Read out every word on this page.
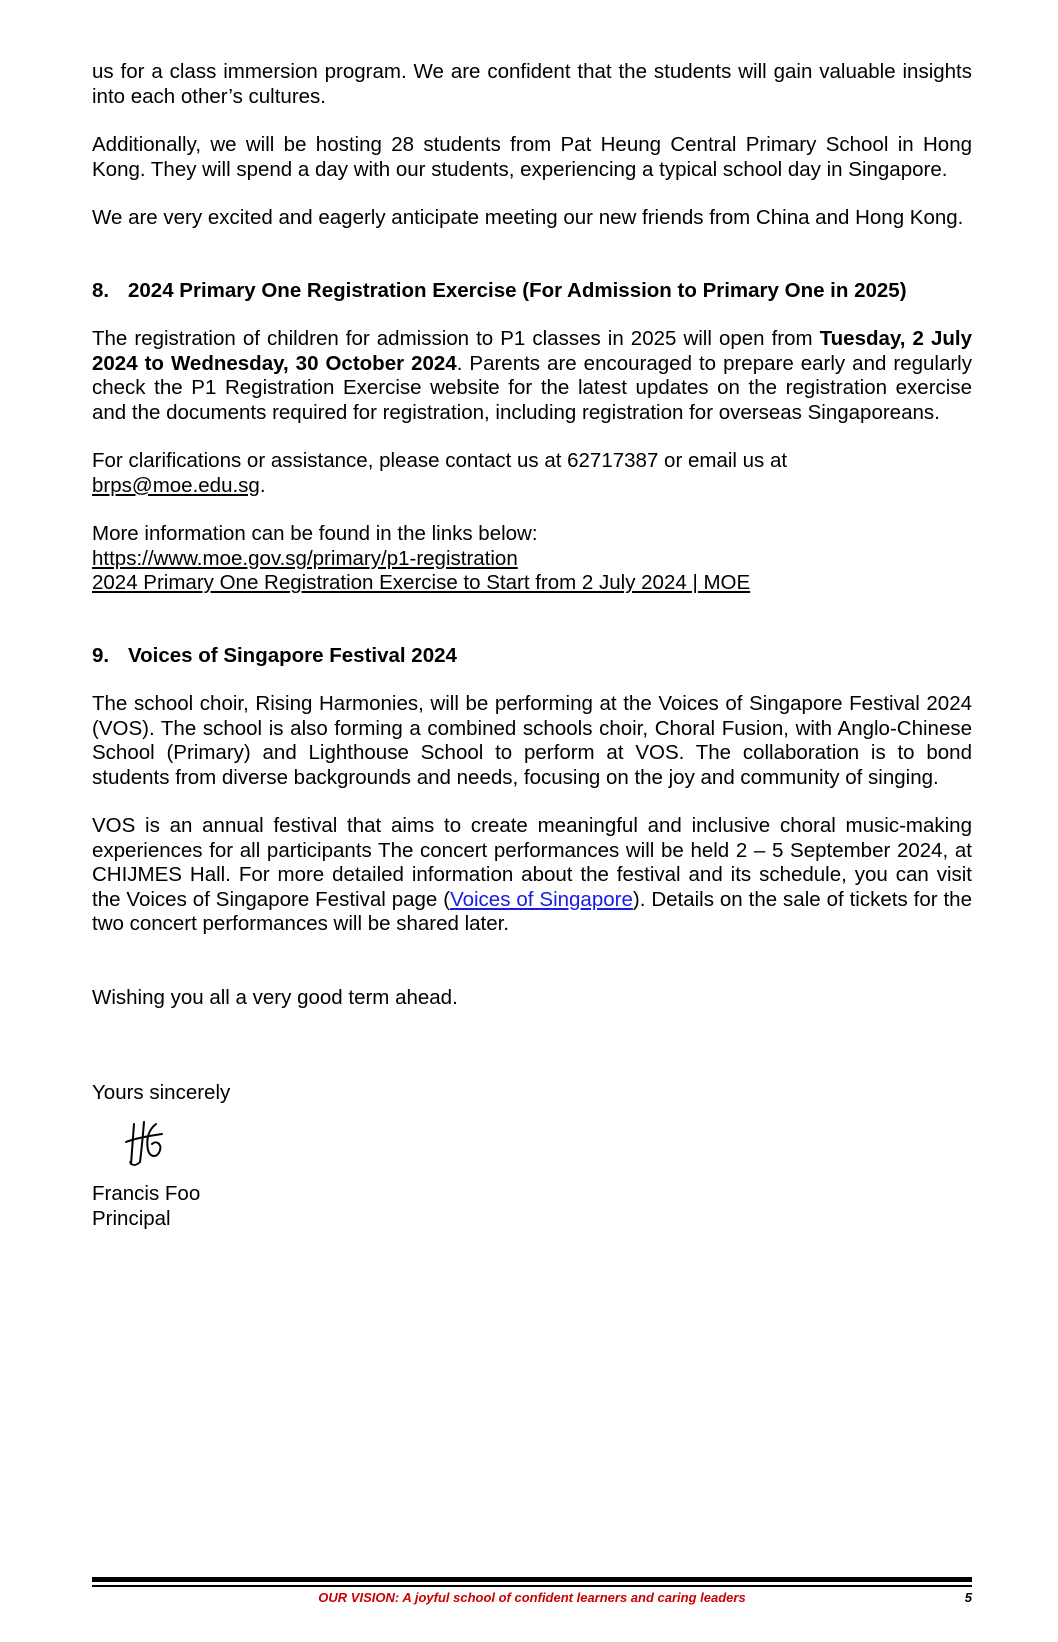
us for a class immersion program. We are confident that the students will gain valuable insights into each other’s cultures.

Additionally, we will be hosting 28 students from Pat Heung Central Primary School in Hong Kong. They will spend a day with our students, experiencing a typical school day in Singapore.

We are very excited and eagerly anticipate meeting our new friends from China and Hong Kong.

8. 2024 Primary One Registration Exercise (For Admission to Primary One in 2025)

The registration of children for admission to P1 classes in 2025 will open from Tuesday, 2 July 2024 to Wednesday, 30 October 2024. Parents are encouraged to prepare early and regularly check the P1 Registration Exercise website for the latest updates on the registration exercise and the documents required for registration, including registration for overseas Singaporeans.

For clarifications or assistance, please contact us at 62717387 or email us at
brps@moe.edu.sg.

More information can be found in the links below:
https://www.moe.gov.sg/primary/p1-registration
2024 Primary One Registration Exercise to Start from 2 July 2024 | MOE

9. Voices of Singapore Festival 2024

The school choir, Rising Harmonies, will be performing at the Voices of Singapore Festival 2024 (VOS). The school is also forming a combined schools choir, Choral Fusion, with Anglo-Chinese School (Primary) and Lighthouse School to perform at VOS. The collaboration is to bond students from diverse backgrounds and needs, focusing on the joy and community of singing.

VOS is an annual festival that aims to create meaningful and inclusive choral music-making experiences for all participants The concert performances will be held 2 – 5 September 2024, at CHIJMES Hall. For more detailed information about the festival and its schedule, you can visit the Voices of Singapore Festival page (Voices of Singapore). Details on the sale of tickets for the two concert performances will be shared later.

Wishing you all a very good term ahead.

Yours sincerely

Francis Foo

Principal

OUR VISION: A joyful school of confident learners and caring leaders	5
